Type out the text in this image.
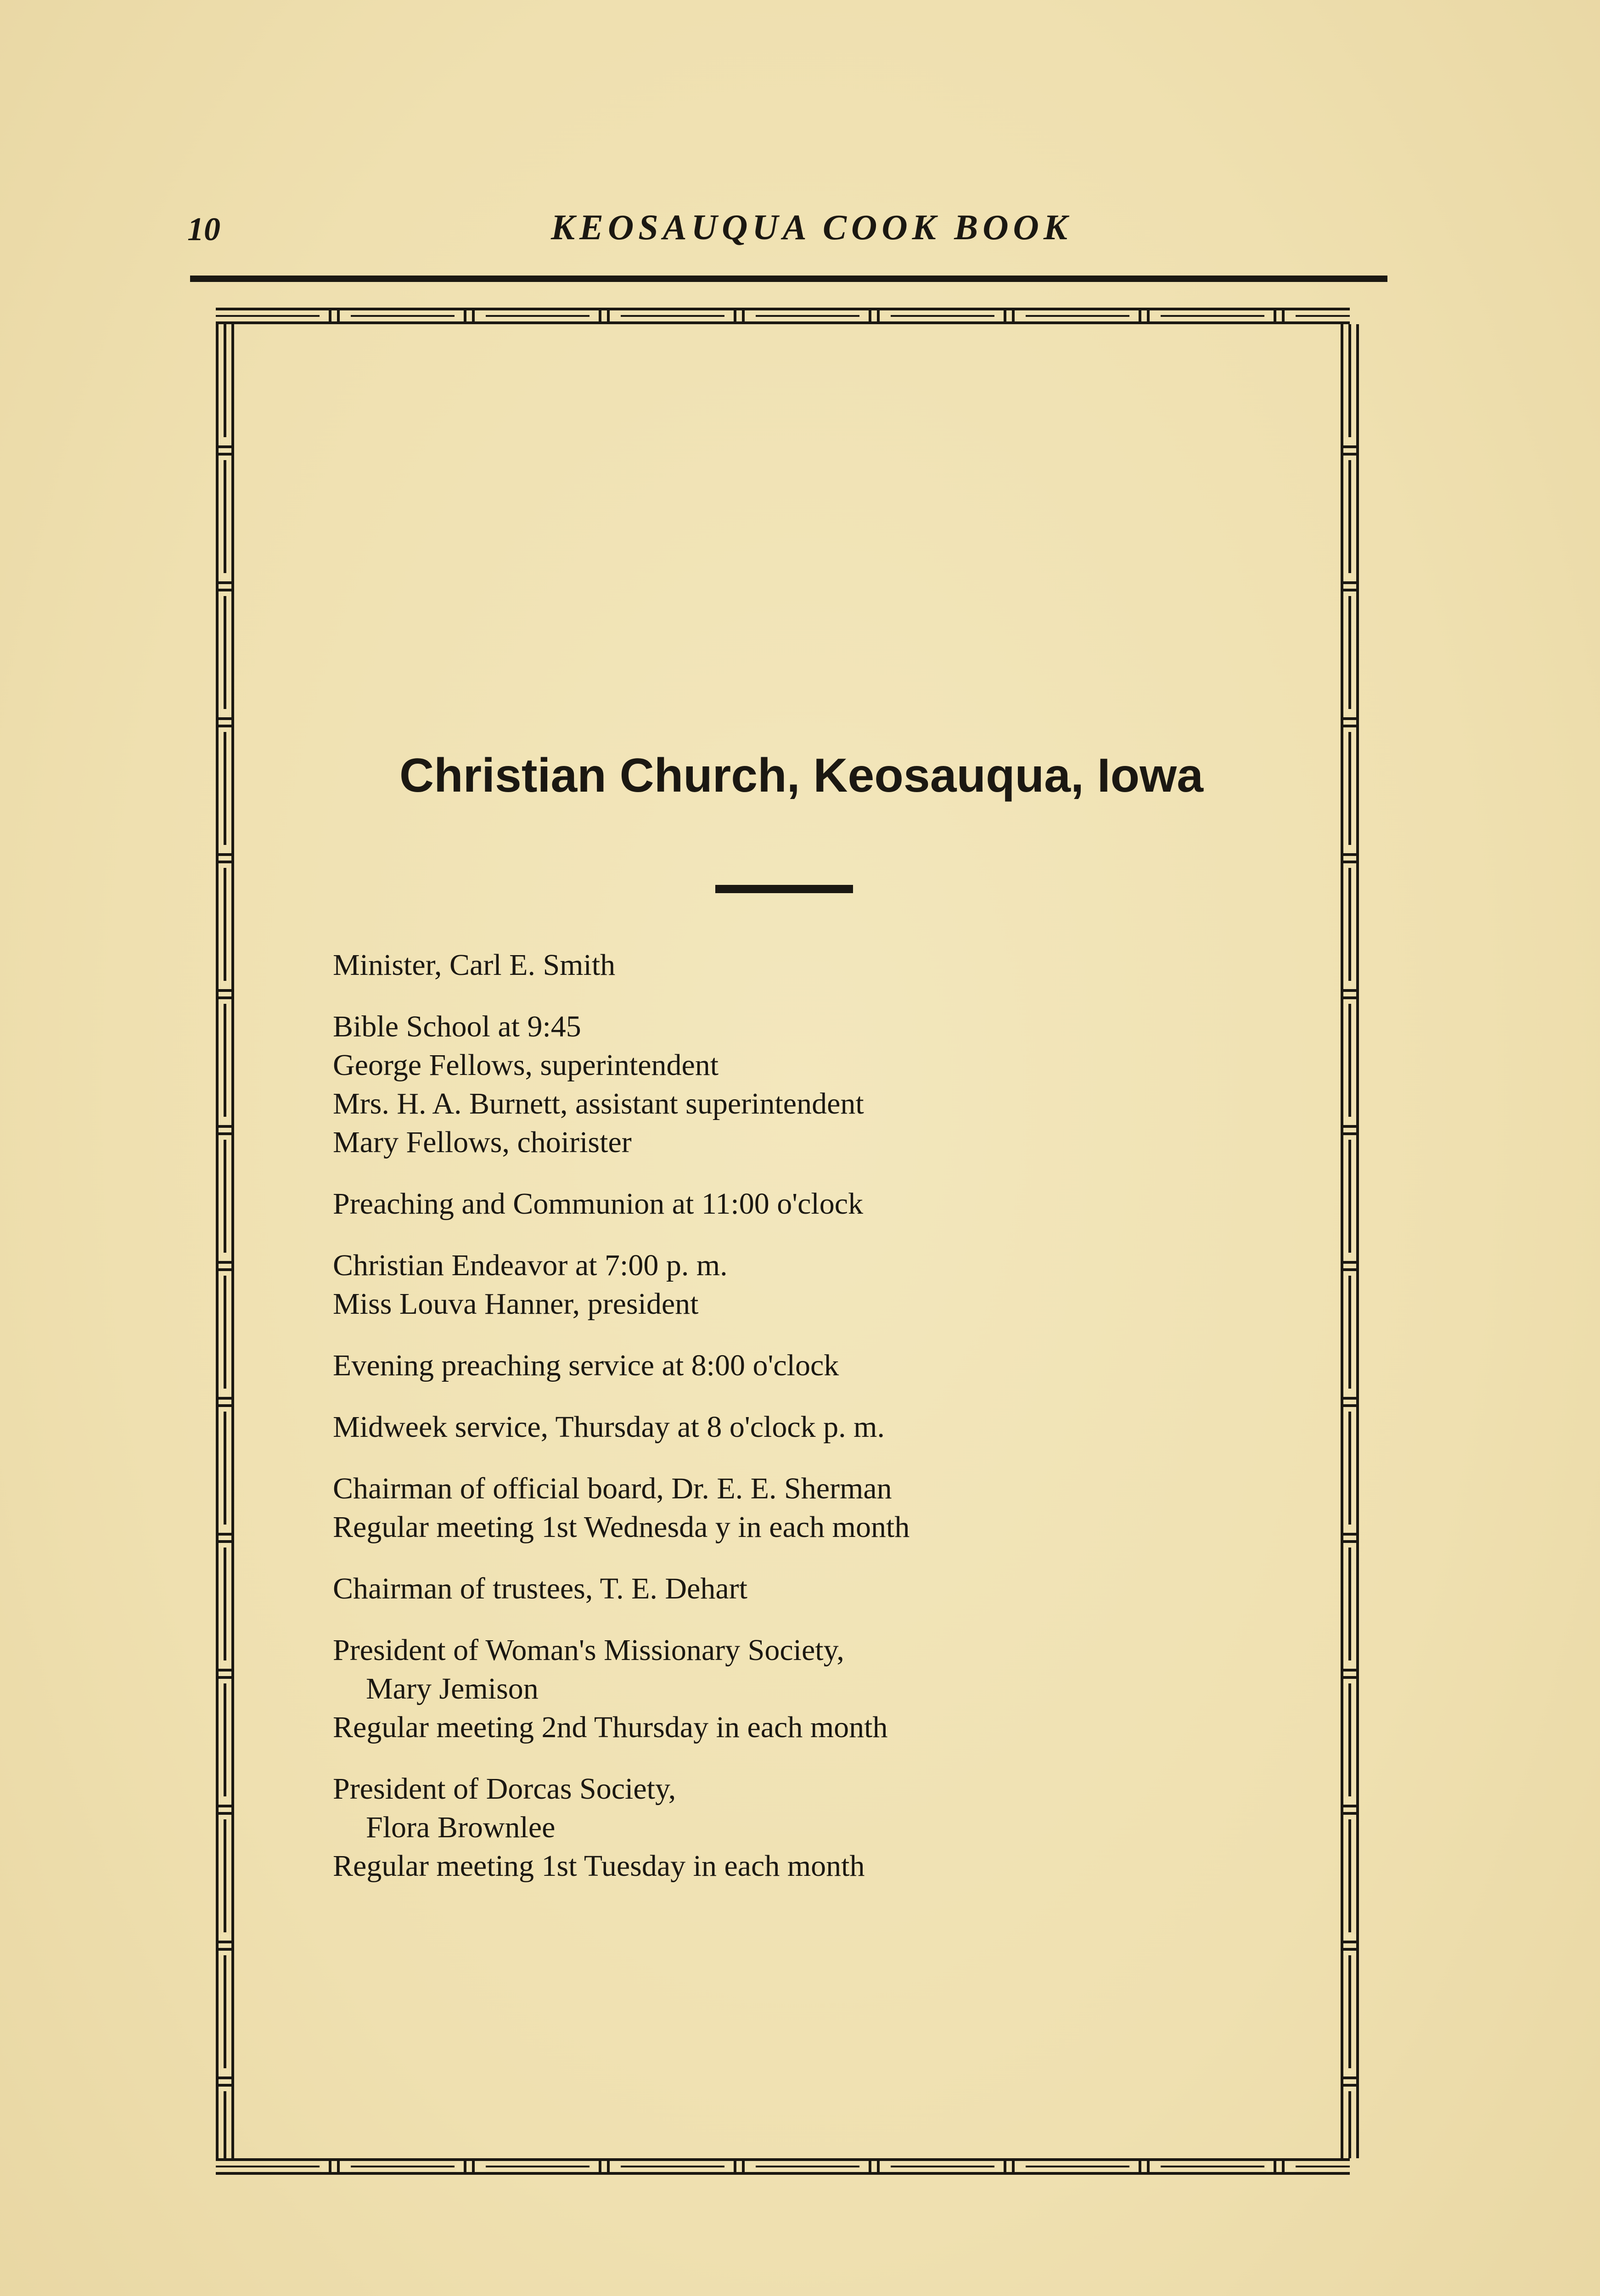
10	KEOSAUQUA COOK BOOK
Christian Church, Keosauqua, Iowa
Minister, Carl E. Smith
Bible School at 9:45
George Fellows, superintendent
Mrs. H. A. Burnett, assistant superintendent
Mary Fellows, choirister
Preaching and Communion at 11:00 o'clock
Christian Endeavor at 7:00 p. m.
Miss Louva Hanner, president
Evening preaching service at 8:00 o'clock
Midweek service, Thursday at 8 o'clock p. m.
Chairman of official board, Dr. E. E. Sherman
Regular meeting 1st Wednesda y in each month
Chairman of trustees, T. E. Dehart
President of Woman's Missionary Society,
Mary Jemison
Regular meeting 2nd Thursday in each month
President of Dorcas Society,
Flora Brownlee
Regular meeting 1st Tuesday in each month
